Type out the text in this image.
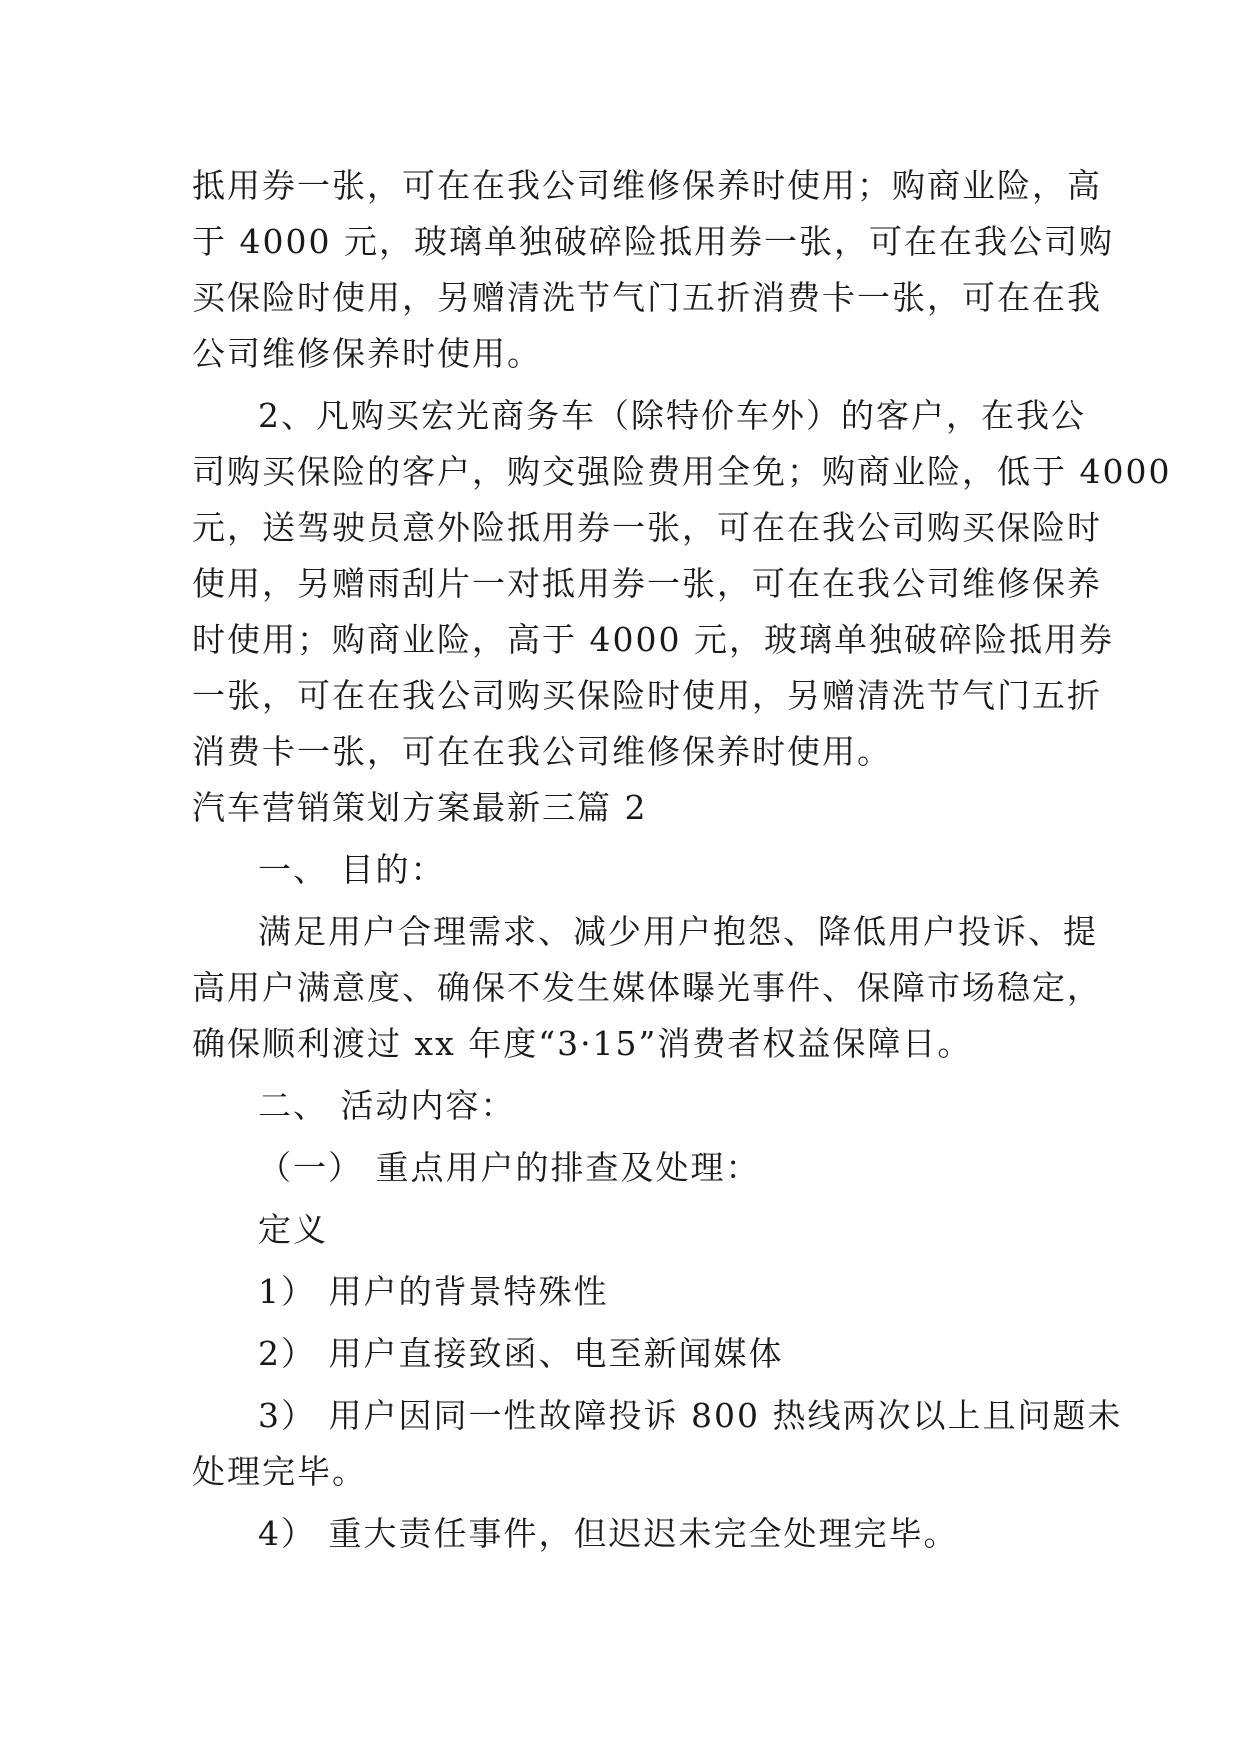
抵用券一张，可在在我公司维修保养时使用；购商业险，高
于 4000 元，玻璃单独破碎险抵用券一张，可在在我公司购
买保险时使用，另赠清洗节气门五折消费卡一张，可在在我
公司维修保养时使用。
2、凡购买宏光商务车（除特价车外）的客户，在我公
司购买保险的客户，购交强险费用全免；购商业险，低于 4000
元，送驾驶员意外险抵用券一张，可在在我公司购买保险时
使用，另赠雨刮片一对抵用券一张，可在在我公司维修保养
时使用；购商业险，高于 4000 元，玻璃单独破碎险抵用券
一张，可在在我公司购买保险时使用，另赠清洗节气门五折
消费卡一张，可在在我公司维修保养时使用。
汽车营销策划方案最新三篇 2
一、 目的：
满足用户合理需求、减少用户抱怨、降低用户投诉、提
高用户满意度、确保不发生媒体曝光事件、保障市场稳定，
确保顺利渡过 xx 年度“3·15”消费者权益保障日。
二、 活动内容：
（一） 重点用户的排查及处理：
定义
1） 用户的背景特殊性
2） 用户直接致函、电至新闻媒体
3） 用户因同一性故障投诉 800 热线两次以上且问题未
处理完毕。
4） 重大责任事件，但迟迟未完全处理完毕。
